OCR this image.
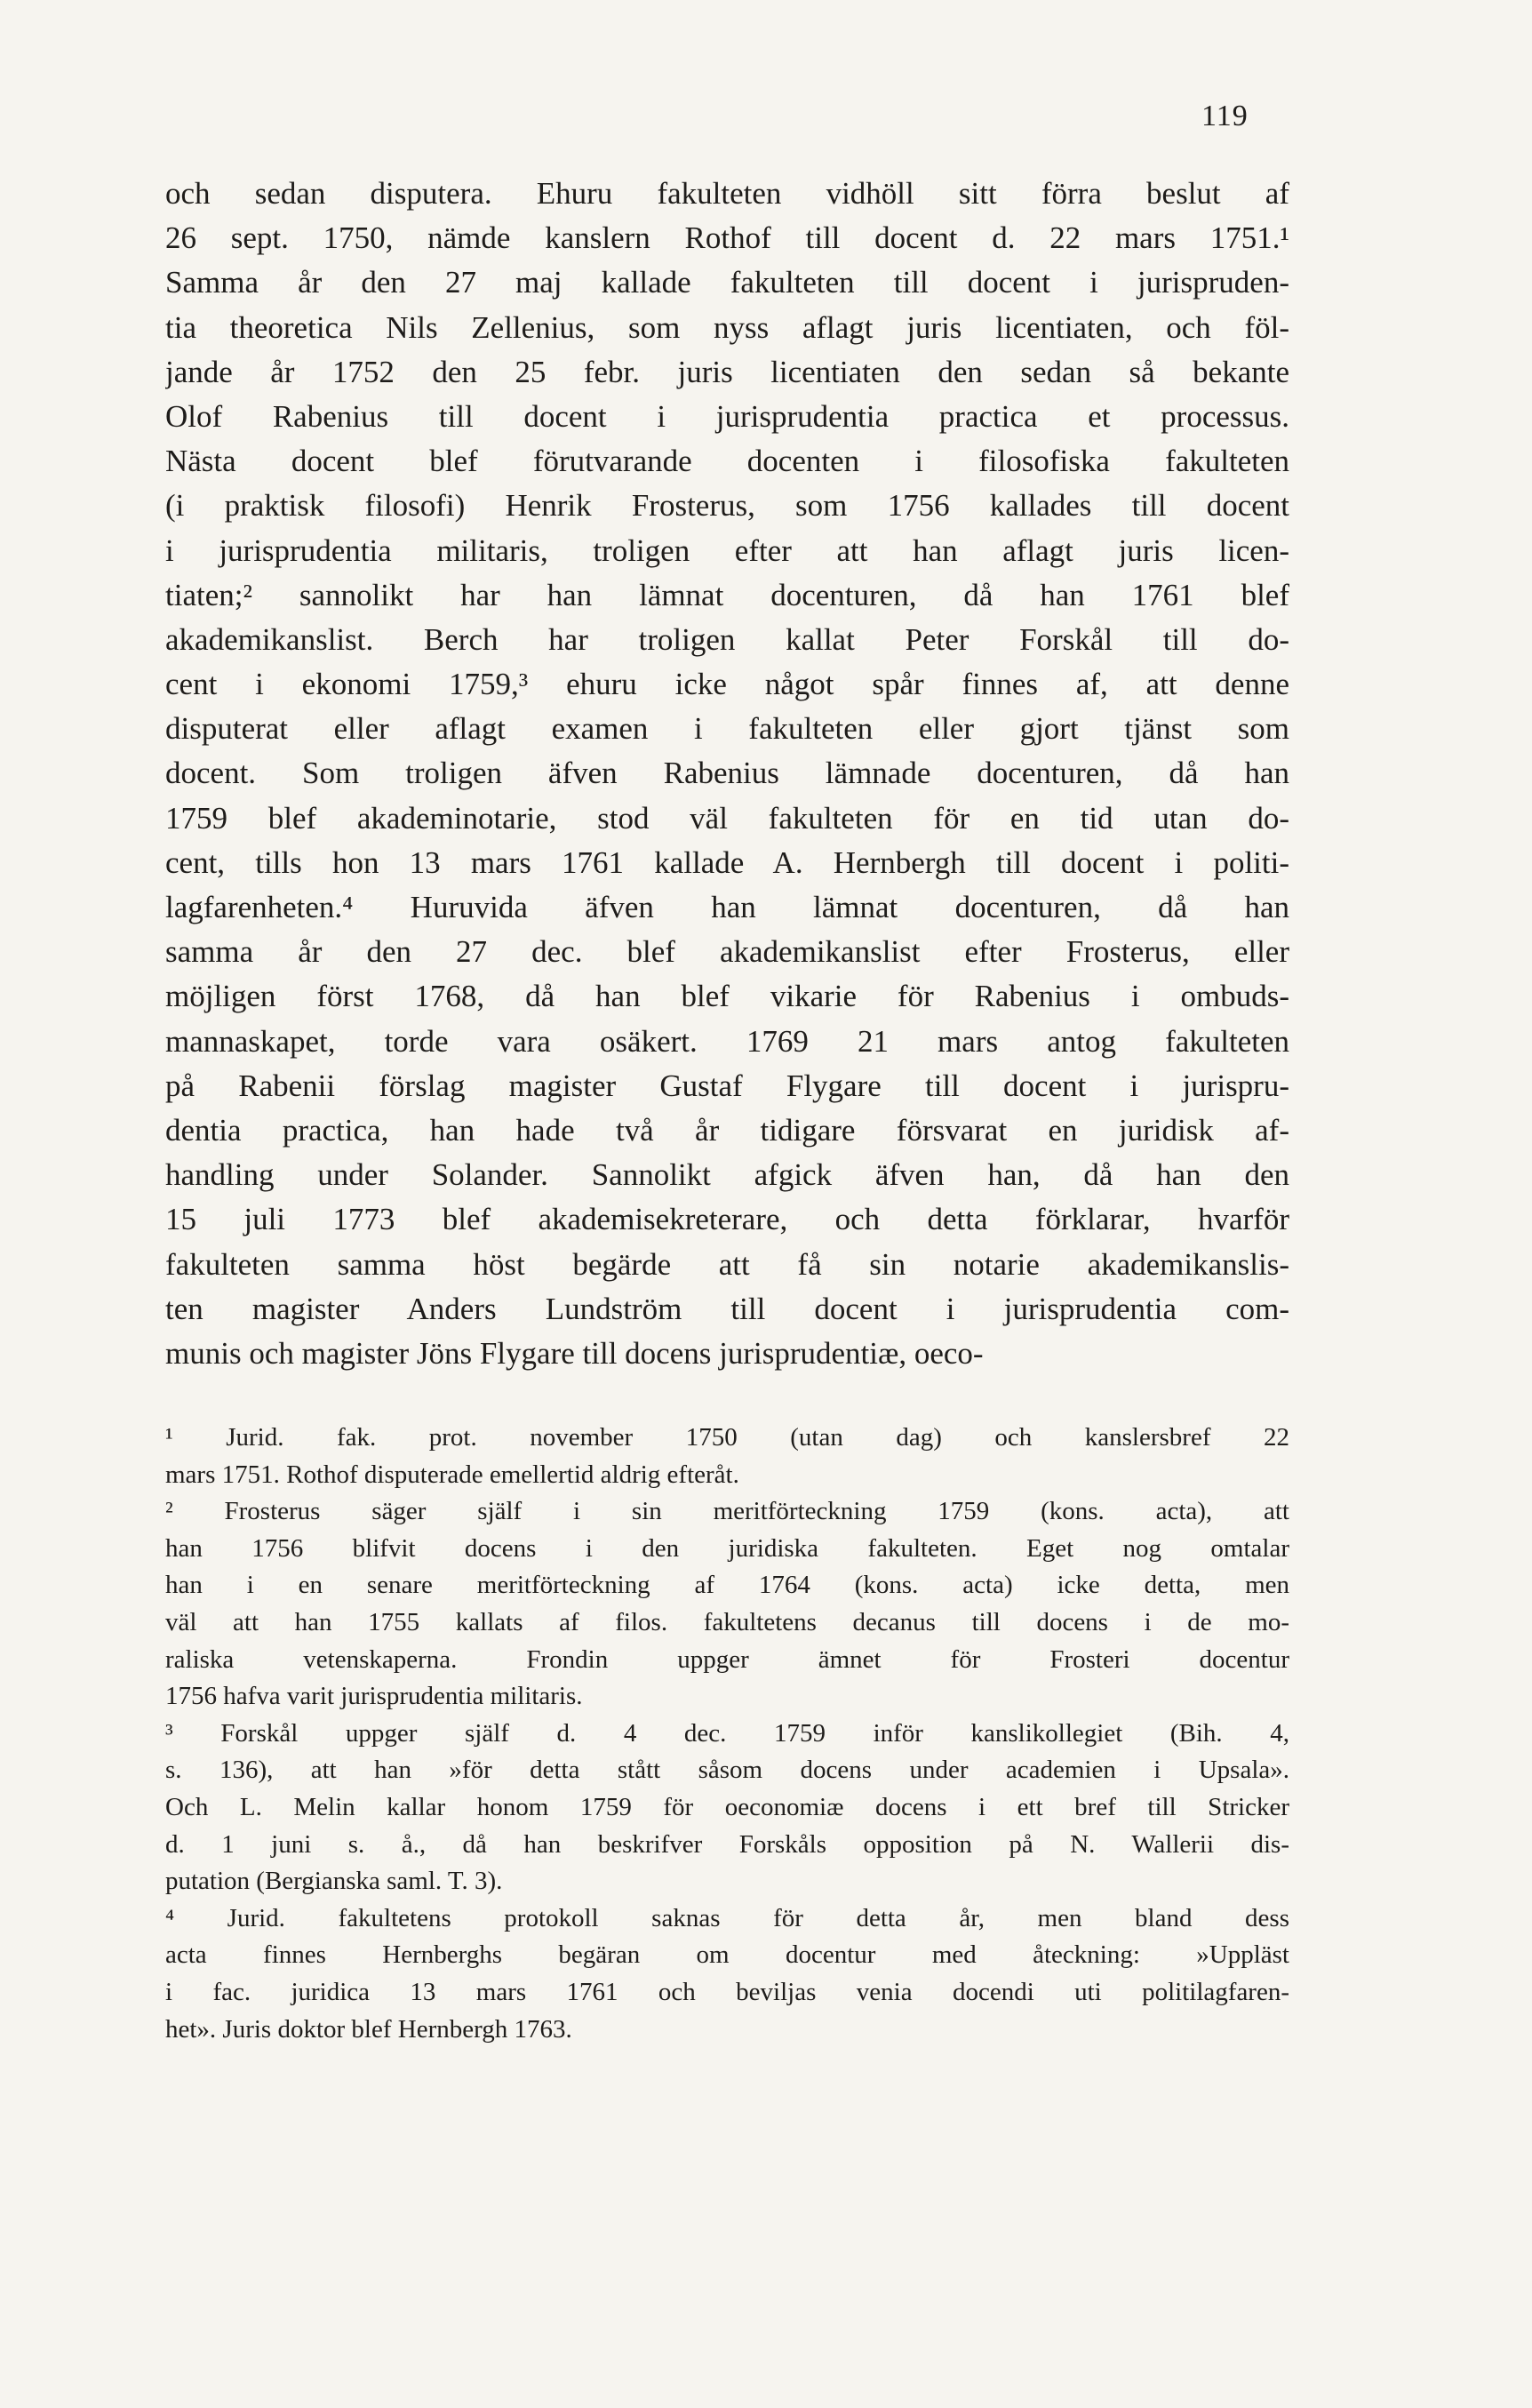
119
och sedan disputera. Ehuru fakulteten vidhöll sitt förra beslut af
26 sept. 1750, nämde kanslern Rothof till docent d. 22 mars 1751.¹
Samma år den 27 maj kallade fakulteten till docent i jurispruden-
tia theoretica Nils Zellenius, som nyss aflagt juris licentiaten, och föl-
jande år 1752 den 25 febr. juris licentiaten den sedan så bekante
Olof Rabenius till docent i jurisprudentia practica et processus.
Nästa docent blef förutvarande docenten i filosofiska fakulteten
(i praktisk filosofi) Henrik Frosterus, som 1756 kallades till docent
i jurisprudentia militaris, troligen efter att han aflagt juris licen-
tiaten;² sannolikt har han lämnat docenturen, då han 1761 blef
akademikanslist. Berch har troligen kallat Peter Forskål till do-
cent i ekonomi 1759,³ ehuru icke något spår finnes af, att denne
disputerat eller aflagt examen i fakulteten eller gjort tjänst som
docent. Som troligen äfven Rabenius lämnade docenturen, då han
1759 blef akademinotarie, stod väl fakulteten för en tid utan do-
cent, tills hon 13 mars 1761 kallade A. Hernbergh till docent i politi-
lagfarenheten.⁴ Huruvida äfven han lämnat docenturen, då han
samma år den 27 dec. blef akademikanslist efter Frosterus, eller
möjligen först 1768, då han blef vikarie för Rabenius i ombuds-
mannaskapet, torde vara osäkert. 1769 21 mars antog fakulteten
på Rabenii förslag magister Gustaf Flygare till docent i jurispru-
dentia practica, han hade två år tidigare försvarat en juridisk af-
handling under Solander. Sannolikt afgick äfven han, då han den
15 juli 1773 blef akademisekreterare, och detta förklarar, hvarför
fakulteten samma höst begärde att få sin notarie akademikanslis-
ten magister Anders Lundström till docent i jurisprudentia com-
munis och magister Jöns Flygare till docens jurisprudentiæ, oeco-
¹ Jurid. fak. prot. november 1750 (utan dag) och kanslersbref 22
mars 1751. Rothof disputerade emellertid aldrig efteråt.
² Frosterus säger själf i sin meritförteckning 1759 (kons. acta), att
han 1756 blifvit docens i den juridiska fakulteten. Eget nog omtalar
han i en senare meritförteckning af 1764 (kons. acta) icke detta, men
väl att han 1755 kallats af filos. fakultetens decanus till docens i de mo-
raliska vetenskaperna. Frondin uppger ämnet för Frosteri docentur
1756 hafva varit jurisprudentia militaris.
³ Forskål uppger själf d. 4 dec. 1759 inför kanslikollegiet (Bih. 4,
s. 136), att han »för detta stått såsom docens under academien i Upsala».
Och L. Melin kallar honom 1759 för oeconomiæ docens i ett bref till Stricker
d. 1 juni s. å., då han beskrifver Forskåls opposition på N. Wallerii dis-
putation (Bergianska saml. T. 3).
⁴ Jurid. fakultetens protokoll saknas för detta år, men bland dess
acta finnes Hernberghs begäran om docentur med åteckning: »Uppläst
i fac. juridica 13 mars 1761 och beviljas venia docendi uti politilagfaren-
het». Juris doktor blef Hernbergh 1763.
